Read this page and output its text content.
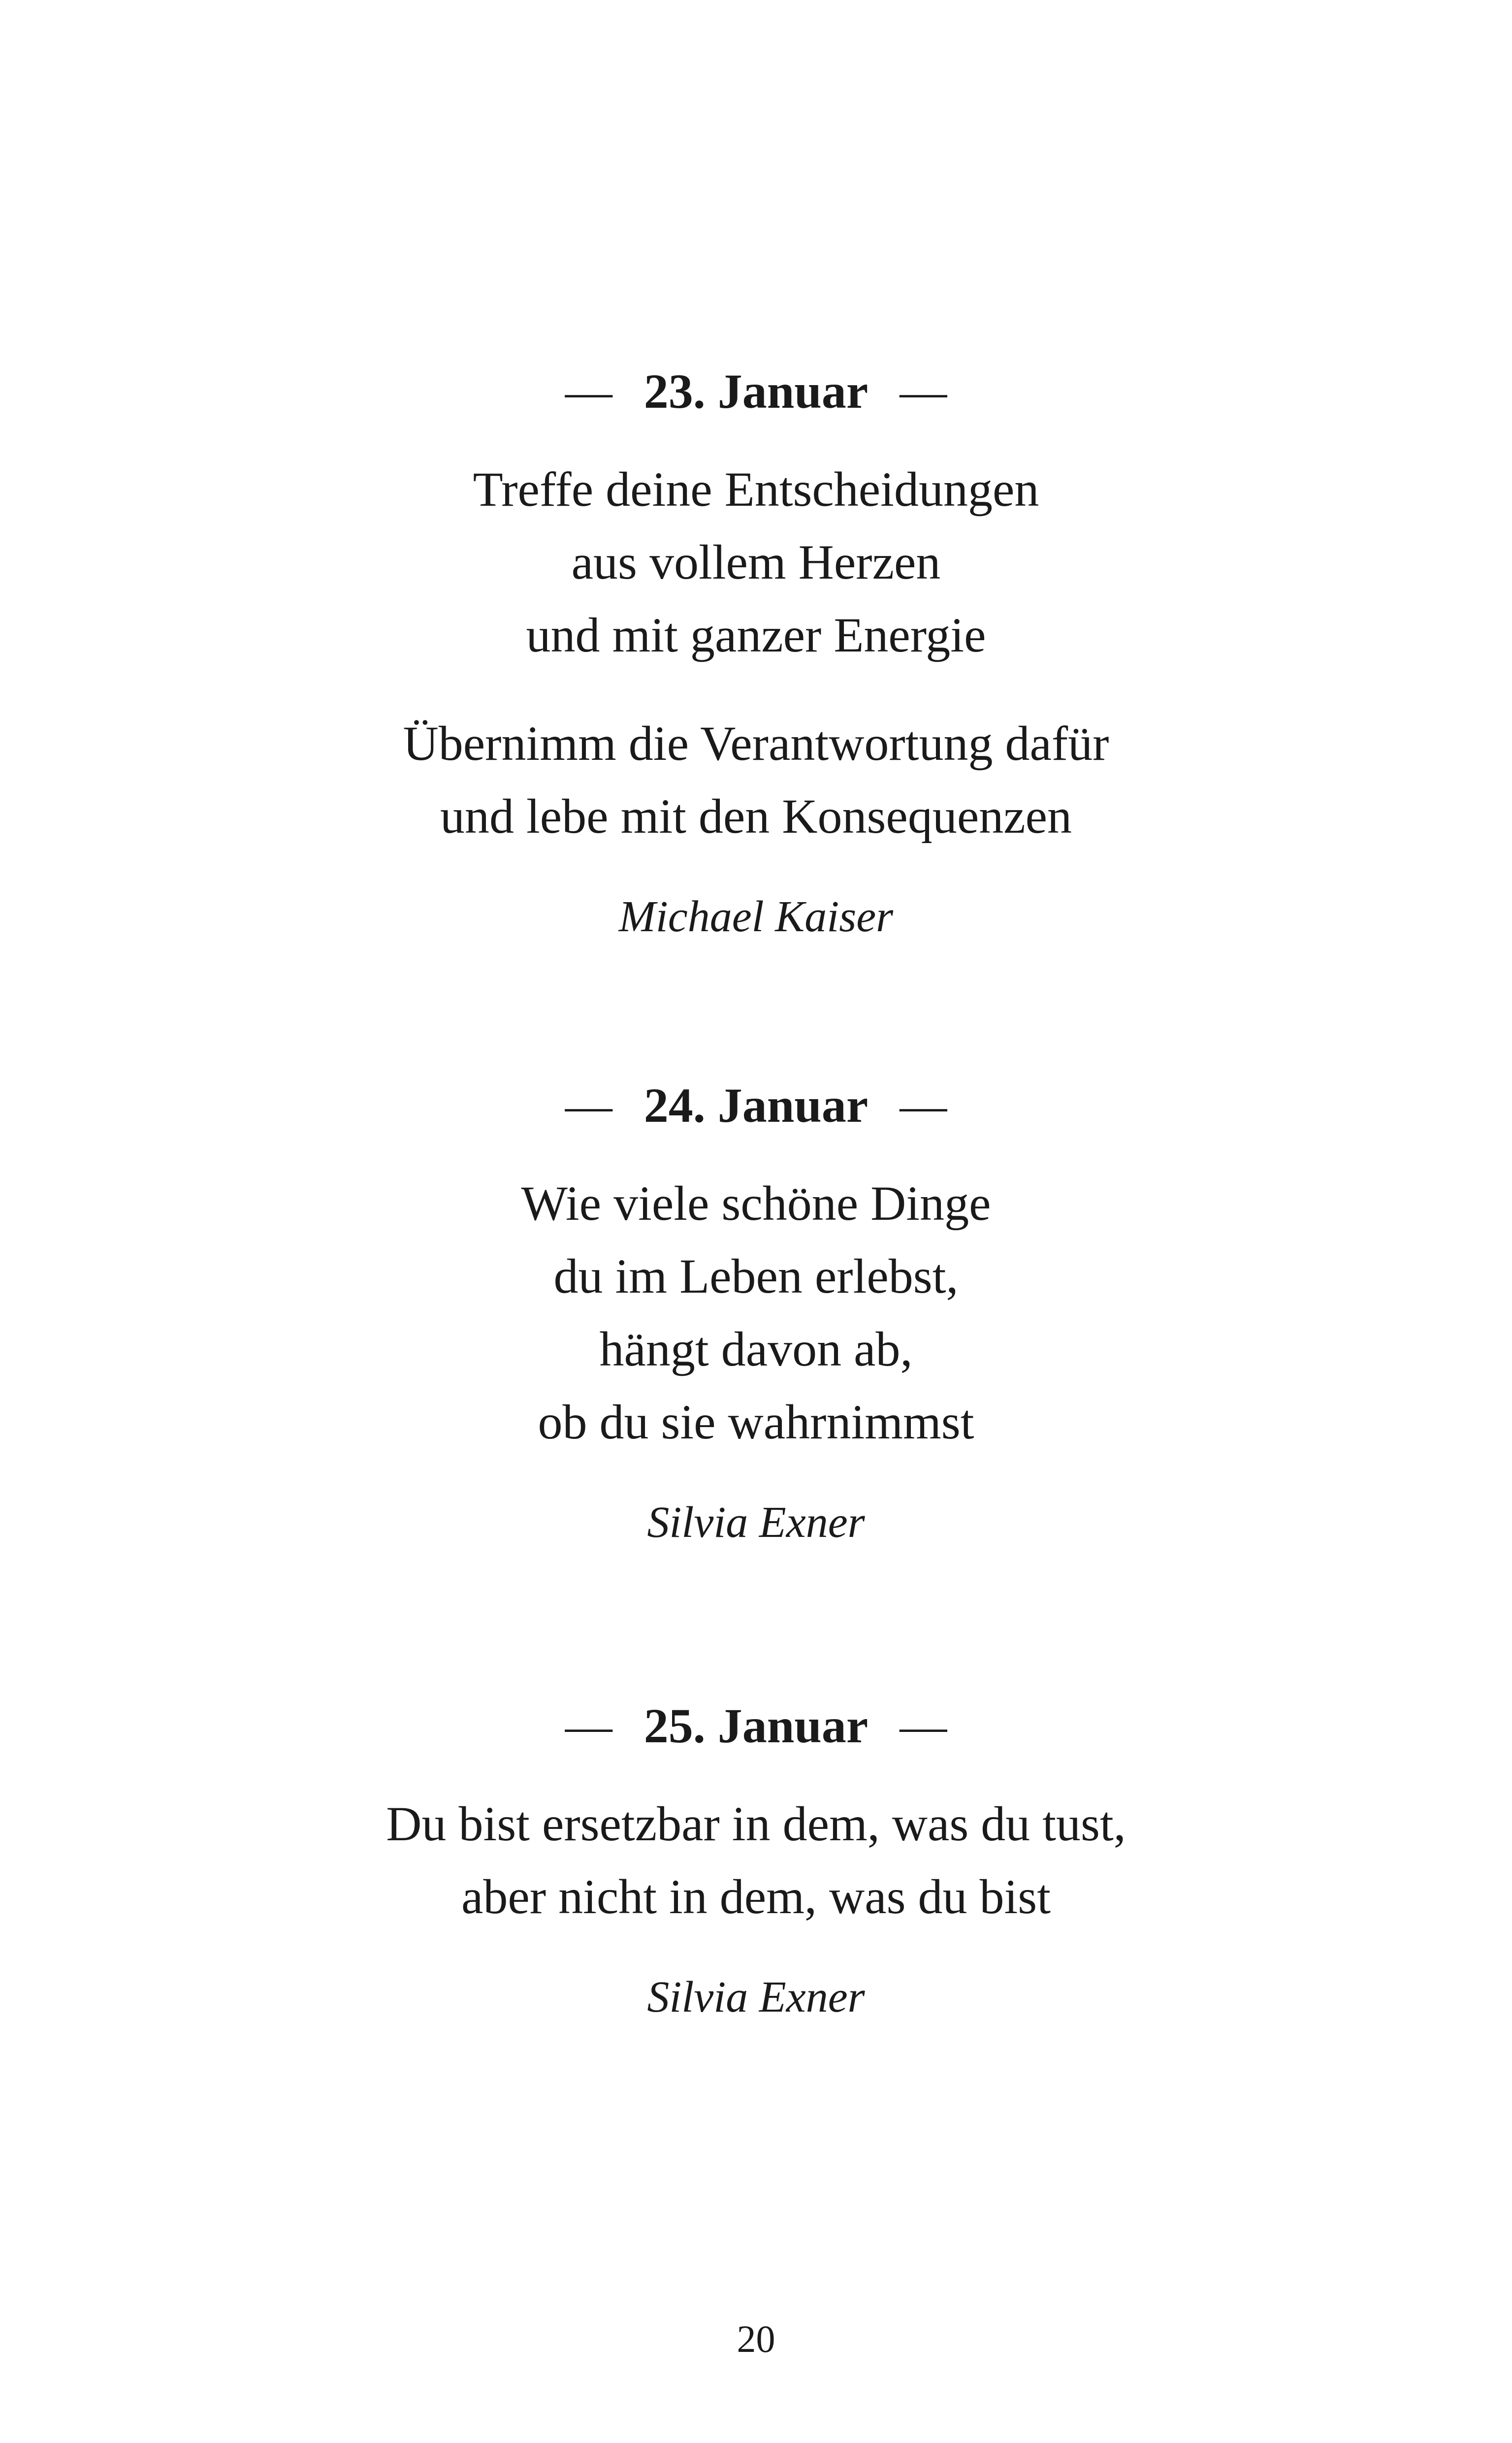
— 23. Januar —

Treffe deine Entscheidungen
aus vollem Herzen
und mit ganzer Energie

Übernimm die Verantwortung dafür
und lebe mit den Konsequenzen

Michael Kaiser
— 24. Januar —

Wie viele schöne Dinge
du im Leben erlebst,
hängt davon ab,
ob du sie wahrnimmst

Silvia Exner
— 25. Januar —

Du bist ersetzbar in dem, was du tust,
aber nicht in dem, was du bist

Silvia Exner
20
